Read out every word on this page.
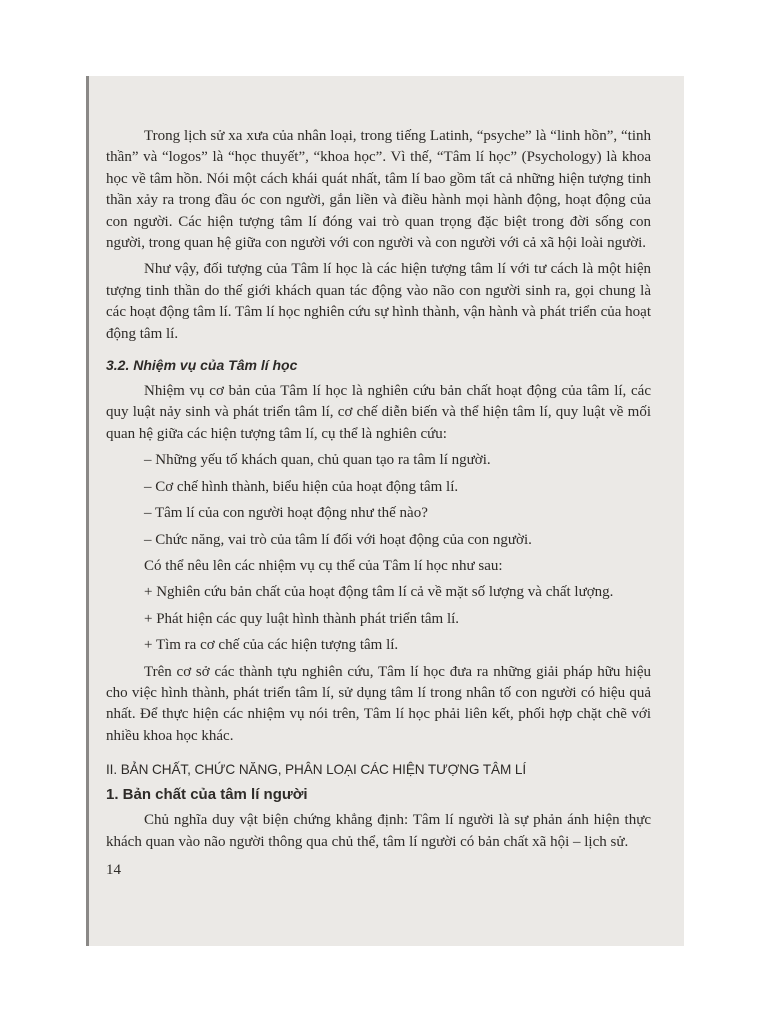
Trong lịch sử xa xưa của nhân loại, trong tiếng Latinh, “psyche” là “linh hồn”, “tinh thần” và “logos” là “học thuyết”, “khoa học”. Vì thế, “Tâm lí học” (Psychology) là khoa học về tâm hồn. Nói một cách khái quát nhất, tâm lí bao gồm tất cả những hiện tượng tinh thần xảy ra trong đầu óc con người, gắn liền và điều hành mọi hành động, hoạt động của con người. Các hiện tượng tâm lí đóng vai trò quan trọng đặc biệt trong đời sống con người, trong quan hệ giữa con người với con người và con người với cả xã hội loài người.

Như vậy, đối tượng của Tâm lí học là các hiện tượng tâm lí với tư cách là một hiện tượng tinh thần do thế giới khách quan tác động vào não con người sinh ra, gọi chung là các hoạt động tâm lí. Tâm lí học nghiên cứu sự hình thành, vận hành và phát triển của hoạt động tâm lí.

3.2. Nhiệm vụ của Tâm lí học

Nhiệm vụ cơ bản của Tâm lí học là nghiên cứu bản chất hoạt động của tâm lí, các quy luật nảy sinh và phát triển tâm lí, cơ chế diễn biến và thể hiện tâm lí, quy luật về mối quan hệ giữa các hiện tượng tâm lí, cụ thể là nghiên cứu:

– Những yếu tố khách quan, chủ quan tạo ra tâm lí người.

– Cơ chế hình thành, biểu hiện của hoạt động tâm lí.

– Tâm lí của con người hoạt động như thế nào?

– Chức năng, vai trò của tâm lí đối với hoạt động của con người.

Có thể nêu lên các nhiệm vụ cụ thể của Tâm lí học như sau:

+ Nghiên cứu bản chất của hoạt động tâm lí cả về mặt số lượng và chất lượng.

+ Phát hiện các quy luật hình thành phát triển tâm lí.

+ Tìm ra cơ chế của các hiện tượng tâm lí.

Trên cơ sở các thành tựu nghiên cứu, Tâm lí học đưa ra những giải pháp hữu hiệu cho việc hình thành, phát triển tâm lí, sử dụng tâm lí trong nhân tố con người có hiệu quả nhất. Để thực hiện các nhiệm vụ nói trên, Tâm lí học phải liên kết, phối hợp chặt chẽ với nhiều khoa học khác.

II. BẢN CHẤT, CHỨC NĂNG, PHÂN LOẠI CÁC HIỆN TƯỢNG TÂM LÍ
1. Bản chất của tâm lí người

Chủ nghĩa duy vật biện chứng khẳng định: Tâm lí người là sự phản ánh hiện thực khách quan vào não người thông qua chủ thể, tâm lí người có bản chất xã hội – lịch sử.

14
